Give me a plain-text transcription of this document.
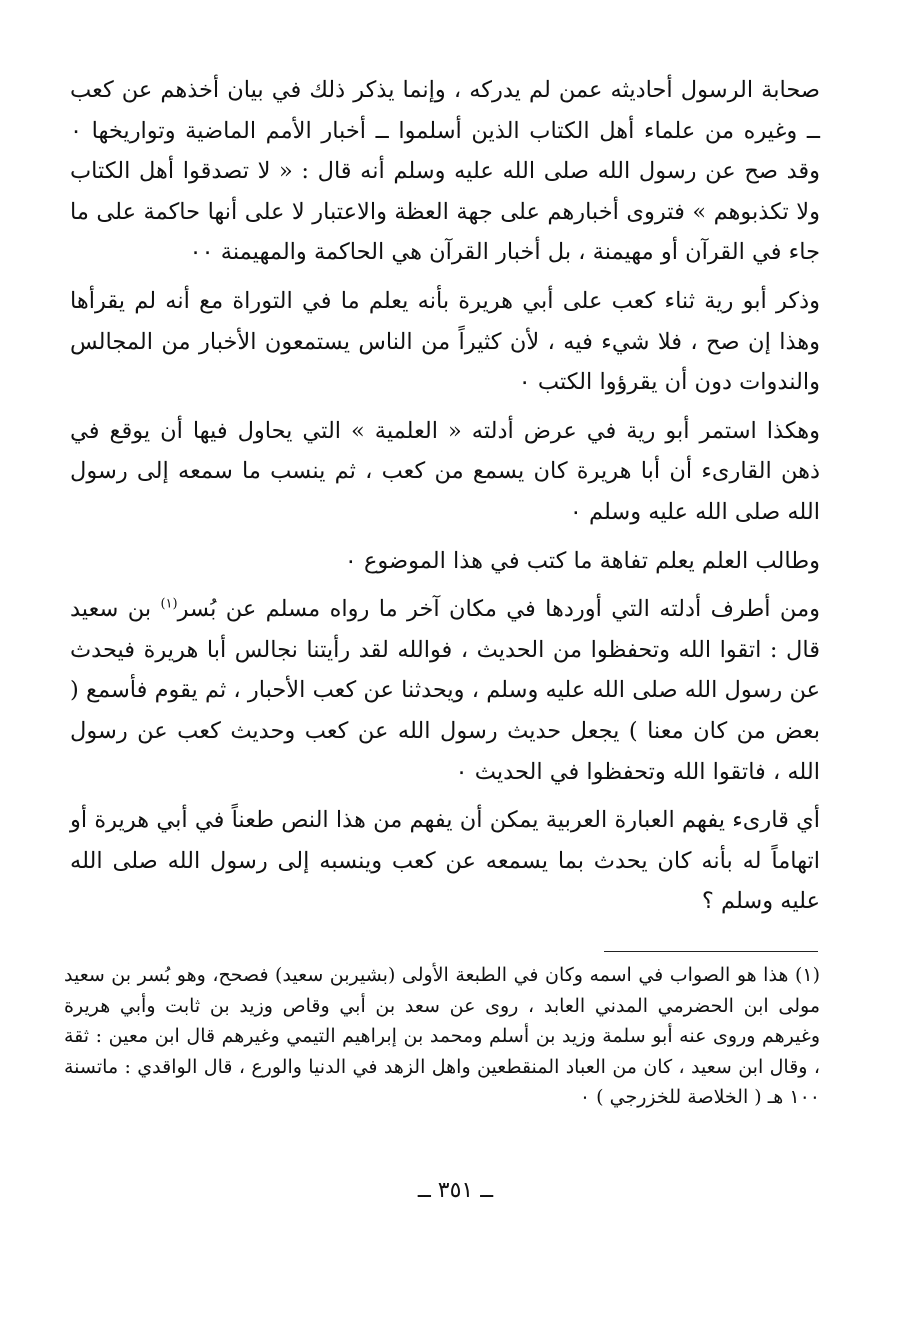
صحابة الرسول أحاديثه عمن لم يدركه ، وإنما يذكر ذلك في بيان أخذهم عن كعب ــ وغيره من علماء أهل الكتاب الذين أسلموا ــ أخبار الأمم الماضية وتواريخها ٠ وقد صح عن رسول الله صلى الله عليه وسلم أنه قال : « لا تصدقوا أهل الكتاب ولا تكذبوهم » فتروى أخبارهم على جهة العظة والاعتبار لا على أنها حاكمة على ما جاء في القرآن أو مهيمنة ، بل أخبار القرآن هي الحاكمة والمهيمنة ٠٠

وذكر أبو رية ثناء كعب على أبي هريرة بأنه يعلم ما في التوراة مع أنه لم يقرأها وهذا إن صح ، فلا شيء فيه ، لأن كثيراً من الناس يستمعون الأخبار من المجالس والندوات دون أن يقرؤوا الكتب ٠

وهكذا استمر أبو رية في عرض أدلته « العلمية » التي يحاول فيها أن يوقع في ذهن القارىء أن أبا هريرة كان يسمع من كعب ، ثم ينسب ما سمعه إلى رسول الله صلى الله عليه وسلم ٠

وطالب العلم يعلم تفاهة ما كتب في هذا الموضوع ٠

ومن أطرف أدلته التي أوردها في مكان آخر ما رواه مسلم عن بُسر$^{(١)}$ بن سعيد قال : اتقوا الله وتحفظوا من الحديث ، فوالله لقد رأيتنا نجالس أبا هريرة فيحدث عن رسول الله صلى الله عليه وسلم ، ويحدثنا عن كعب الأحبار ، ثم يقوم فأسمع ( بعض من كان معنا ) يجعل حديث رسول الله عن كعب وحديث كعب عن رسول الله ، فاتقوا الله وتحفظوا في الحديث ٠

أي قارىء يفهم العبارة العربية يمكن أن يفهم من هذا النص طعناً في أبي هريرة أو اتهاماً له بأنه كان يحدث بما يسمعه عن كعب وينسبه إلى رسول الله صلى الله عليه وسلم ؟

(١) هذا هو الصواب في اسمه وكان في الطبعة الأولى (بشيربن سعيد) فصحح، وهو بُسر بن سعيد مولى ابن الحضرمي المدني العابد ، روى عن سعد بن أبي وقاص وزيد بن ثابت وأبي هريرة وغيرهم وروى عنه أبو سلمة وزيد بن أسلم ومحمد بن إبراهيم التيمي وغيرهم قال ابن معين : ثقة ، وقال ابن سعيد ، كان من العباد المنقطعين واهل الزهد في الدنيا والورع ، قال الواقدي : ماتسنة ١٠٠ هـ ( الخلاصة للخزرجي ) ٠

ــ ٣٥١ ــ
